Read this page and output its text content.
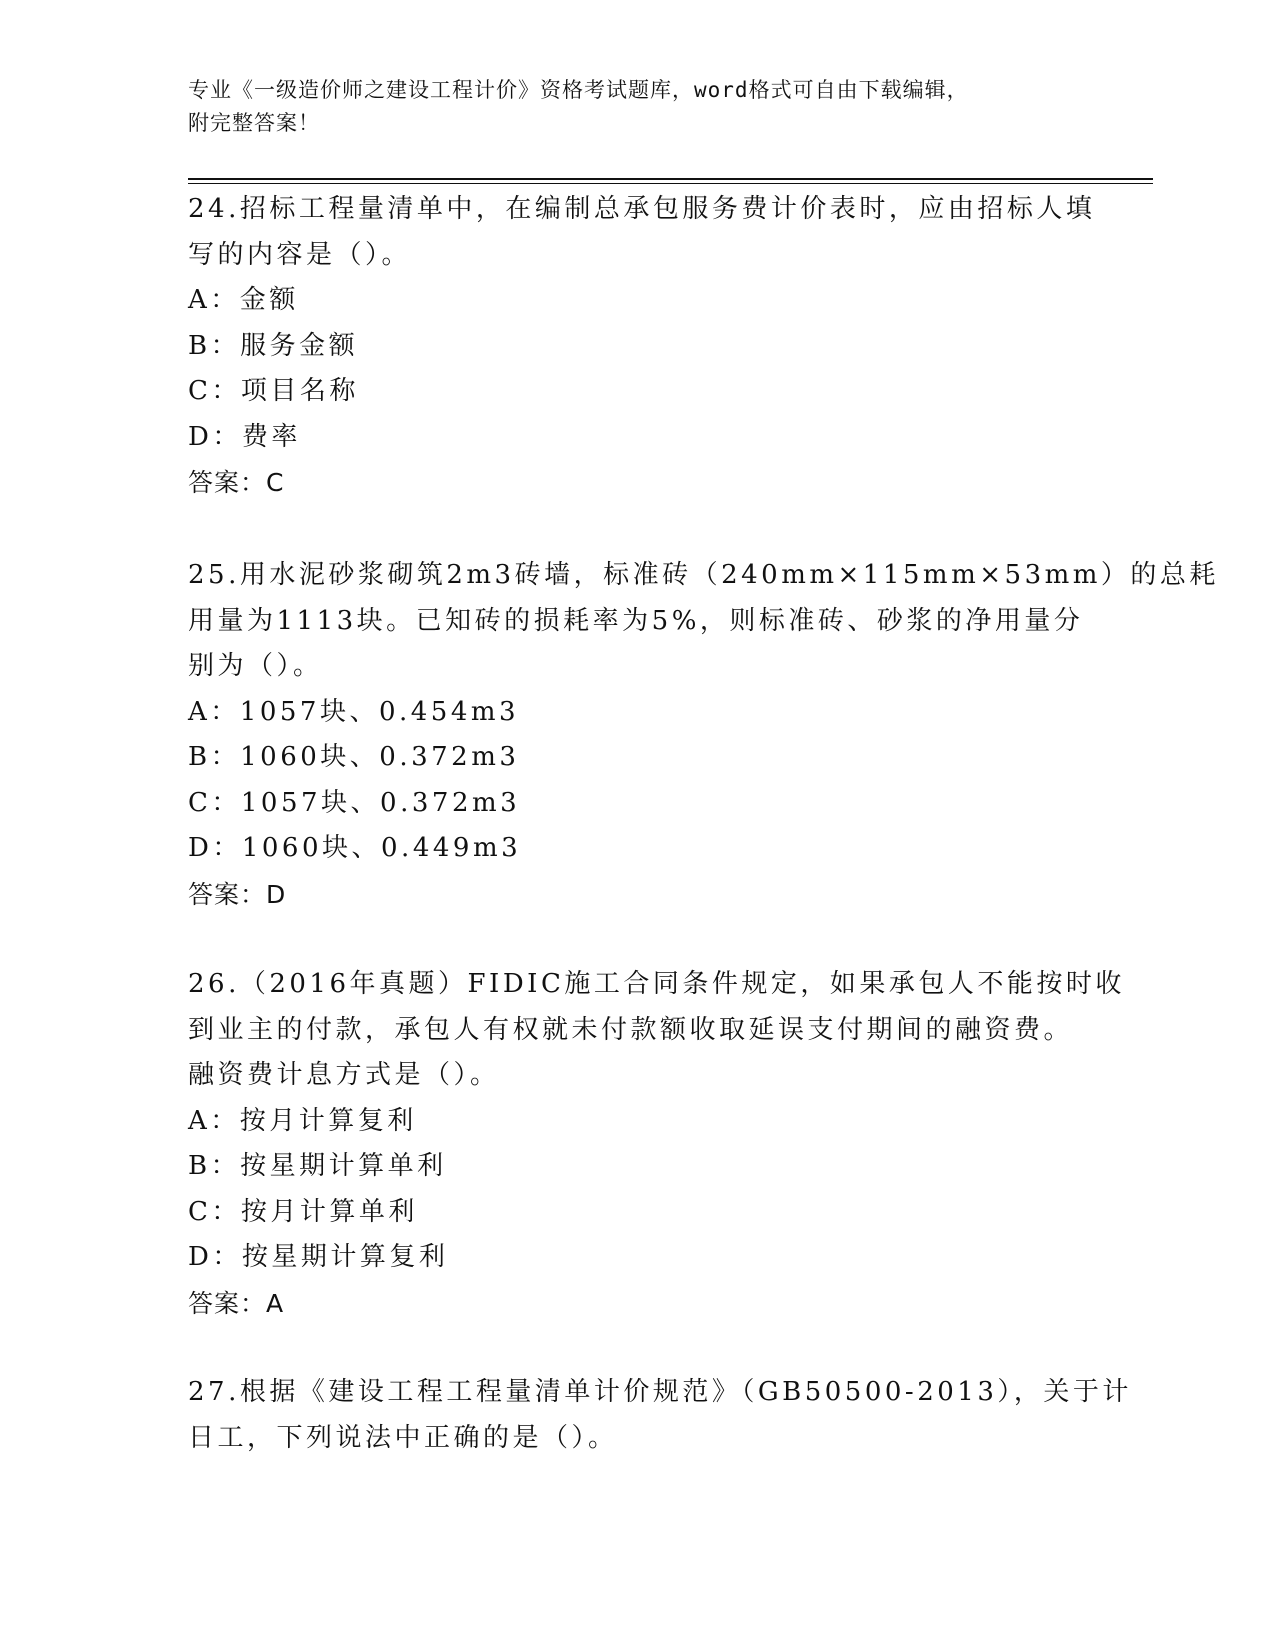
专业《一级造价师之建设工程计价》资格考试题库，word格式可自由下载编辑，
附完整答案！
24.招标工程量清单中，在编制总承包服务费计价表时，应由招标人填
写的内容是（）。
A：金额
B：服务金额
C：项目名称
D：费率
答案：C
25.用水泥砂浆砌筑2m3砖墙，标准砖（240mm×115mm×53mm）的总耗
用量为1113块。已知砖的损耗率为5%，则标准砖、砂浆的净用量分
别为（）。
A：1057块、0.454m3
B：1060块、0.372m3
C：1057块、0.372m3
D：1060块、0.449m3
答案：D
26.（2016年真题）FIDIC施工合同条件规定，如果承包人不能按时收
到业主的付款，承包人有权就未付款额收取延误支付期间的融资费。
融资费计息方式是（）。
A：按月计算复利
B：按星期计算单利
C：按月计算单利
D：按星期计算复利
答案：A
27.根据《建设工程工程量清单计价规范》（GB50500-2013），关于计
日工，下列说法中正确的是（）。
